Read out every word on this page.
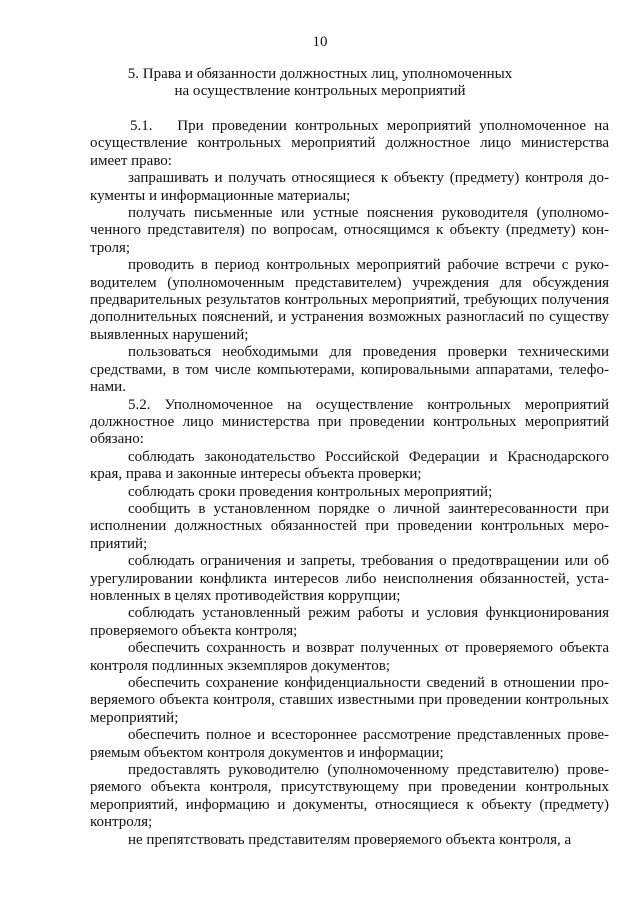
10
5. Права и обязанности должностных лиц, уполномоченных
на осуществление контрольных мероприятий

5.1.   При проведении контрольных мероприятий уполномоченное на осуществление контрольных мероприятий должностное лицо министерства имеет право:

запрашивать и получать относящиеся к объекту (предмету) контроля документы и информационные материалы;

получать письменные или устные пояснения руководителя (уполномоченного представителя) по вопросам, относящимся к объекту (предмету) контроля;

проводить в период контрольных мероприятий рабочие встречи с руководителем (уполномоченным представителем) учреждения для обсуждения предварительных результатов контрольных мероприятий, требующих получения дополнительных пояснений, и устранения возможных разногласий по существу выявленных нарушений;

пользоваться необходимыми для проведения проверки техническими средствами, в том числе компьютерами, копировальными аппаратами, телефонами.

5.2. Уполномоченное на осуществление контрольных мероприятий должностное лицо министерства при проведении контрольных мероприятий обязано:

соблюдать законодательство Российской Федерации и Краснодарского края, права и законные интересы объекта проверки;

соблюдать сроки проведения контрольных мероприятий;

сообщить в установленном порядке о личной заинтересованности при исполнении должностных обязанностей при проведении контрольных мероприятий;

соблюдать ограничения и запреты, требования о предотвращении или об урегулировании конфликта интересов либо неисполнения обязанностей, установленных в целях противодействия коррупции;

соблюдать установленный режим работы и условия функционирования проверяемого объекта контроля;

обеспечить сохранность и возврат полученных от проверяемого объекта контроля подлинных экземпляров документов;

обеспечить сохранение конфиденциальности сведений в отношении проверяемого объекта контроля, ставших известными при проведении контрольных мероприятий;

обеспечить полное и всестороннее рассмотрение представленных проверяемым объектом контроля документов и информации;

предоставлять руководителю (уполномоченному представителю) проверяемого объекта контроля, присутствующему при проведении контрольных мероприятий, информацию и документы, относящиеся к объекту (предмету) контроля;

не препятствовать представителям проверяемого объекта контроля, а
